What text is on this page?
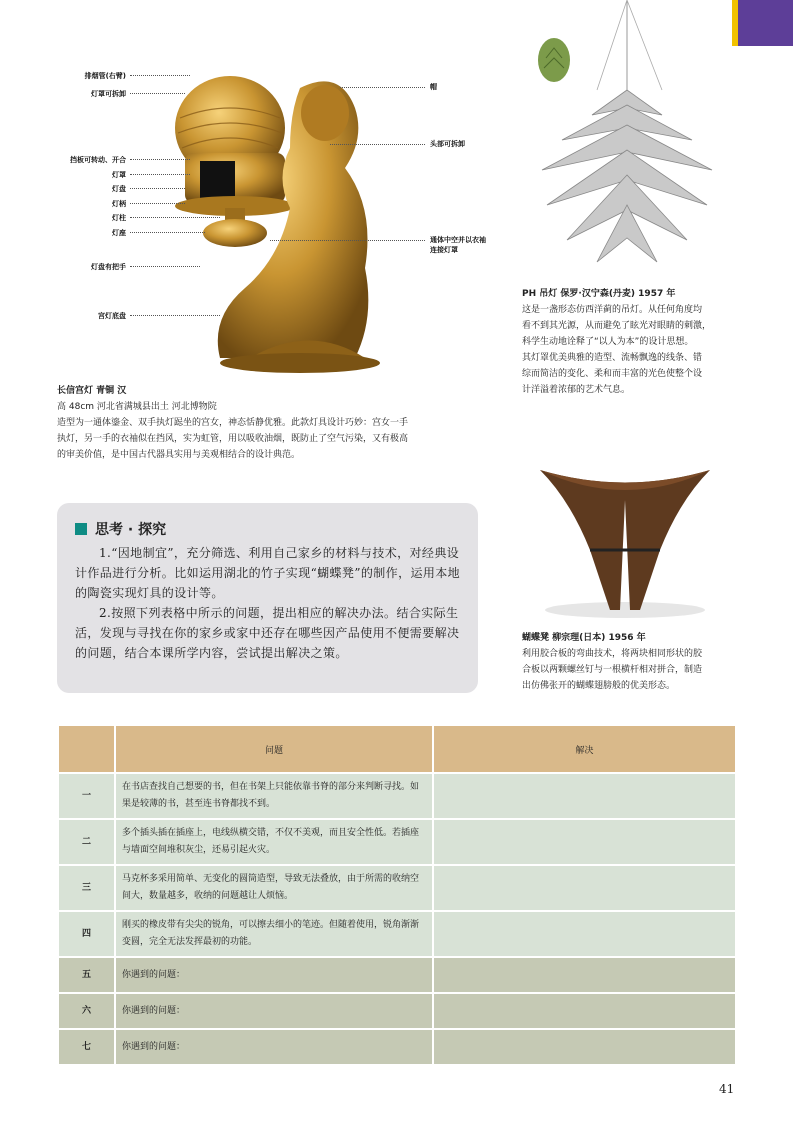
排烟管(右臂)
灯罩可拆卸
挡板可转动、开合
灯罩
灯盘
灯柄
灯柱
灯座
灯盘有把手
宫灯底盘
帽
头部可拆卸
通体中空并以衣袖
连接灯罩
长信宫灯 青铜 汉
高 48cm 河北省满城县出土 河北博物院
造型为一通体鎏金、双手执灯跽坐的宫女，神态恬静优雅。此款灯具设计巧妙：宫女一手
执灯，另一手的衣袖似在挡风，实为虹管，用以吸收油烟，既防止了空气污染，又有极高
的审美价值，是中国古代器具实用与美观相结合的设计典范。
PH 吊灯 保罗·汉宁森(丹麦) 1957 年
这是一盏形态仿西洋蓟的吊灯。从任何角度均
看不到其光源，从而避免了眩光对眼睛的刺激，
科学生动地诠释了“以人为本”的设计思想。
其灯罩优美典雅的造型、流畅飘逸的线条、错
综而简洁的变化、柔和而丰富的光色使整个设
计洋溢着浓郁的艺术气息。
蝴蝶凳 柳宗理(日本) 1956 年
利用胶合板的弯曲技术，将两块相同形状的胶
合板以两颗螺丝钉与一根横杆相对拼合，制造
出仿佛张开的蝴蝶翅膀般的优美形态。
思考 · 探究

1.“因地制宜”，充分筛选、利用自己家乡的材料与技术，对经典设计作品进行分析。比如运用湖北的竹子实现“蝴蝶凳”的制作，运用本地的陶瓷实现灯具的设计等。

2.按照下列表格中所示的问题，提出相应的解决办法。结合实际生活，发现与寻找在你的家乡或家中还存在哪些因产品使用不便需要解决的问题，结合本课所学内容，尝试提出解决之策。

	问题	解决
一	在书店查找自己想要的书，但在书架上只能依靠书脊的部分来判断寻找。如果是较薄的书，甚至连书脊都找不到。	
二	多个插头插在插座上，电线纵横交错，不仅不美观，而且安全性低。若插座与墙面空间堆积灰尘，还易引起火灾。	
三	马克杯多采用简单、无变化的圆筒造型，导致无法叠放，由于所需的收纳空间大，数量越多，收纳的问题越让人烦恼。	
四	刚买的橡皮带有尖尖的锐角，可以擦去细小的笔迹。但随着使用，锐角渐渐变圆，完全无法发挥最初的功能。	
五	你遇到的问题：	
六	你遇到的问题：	
七	你遇到的问题：	
41
